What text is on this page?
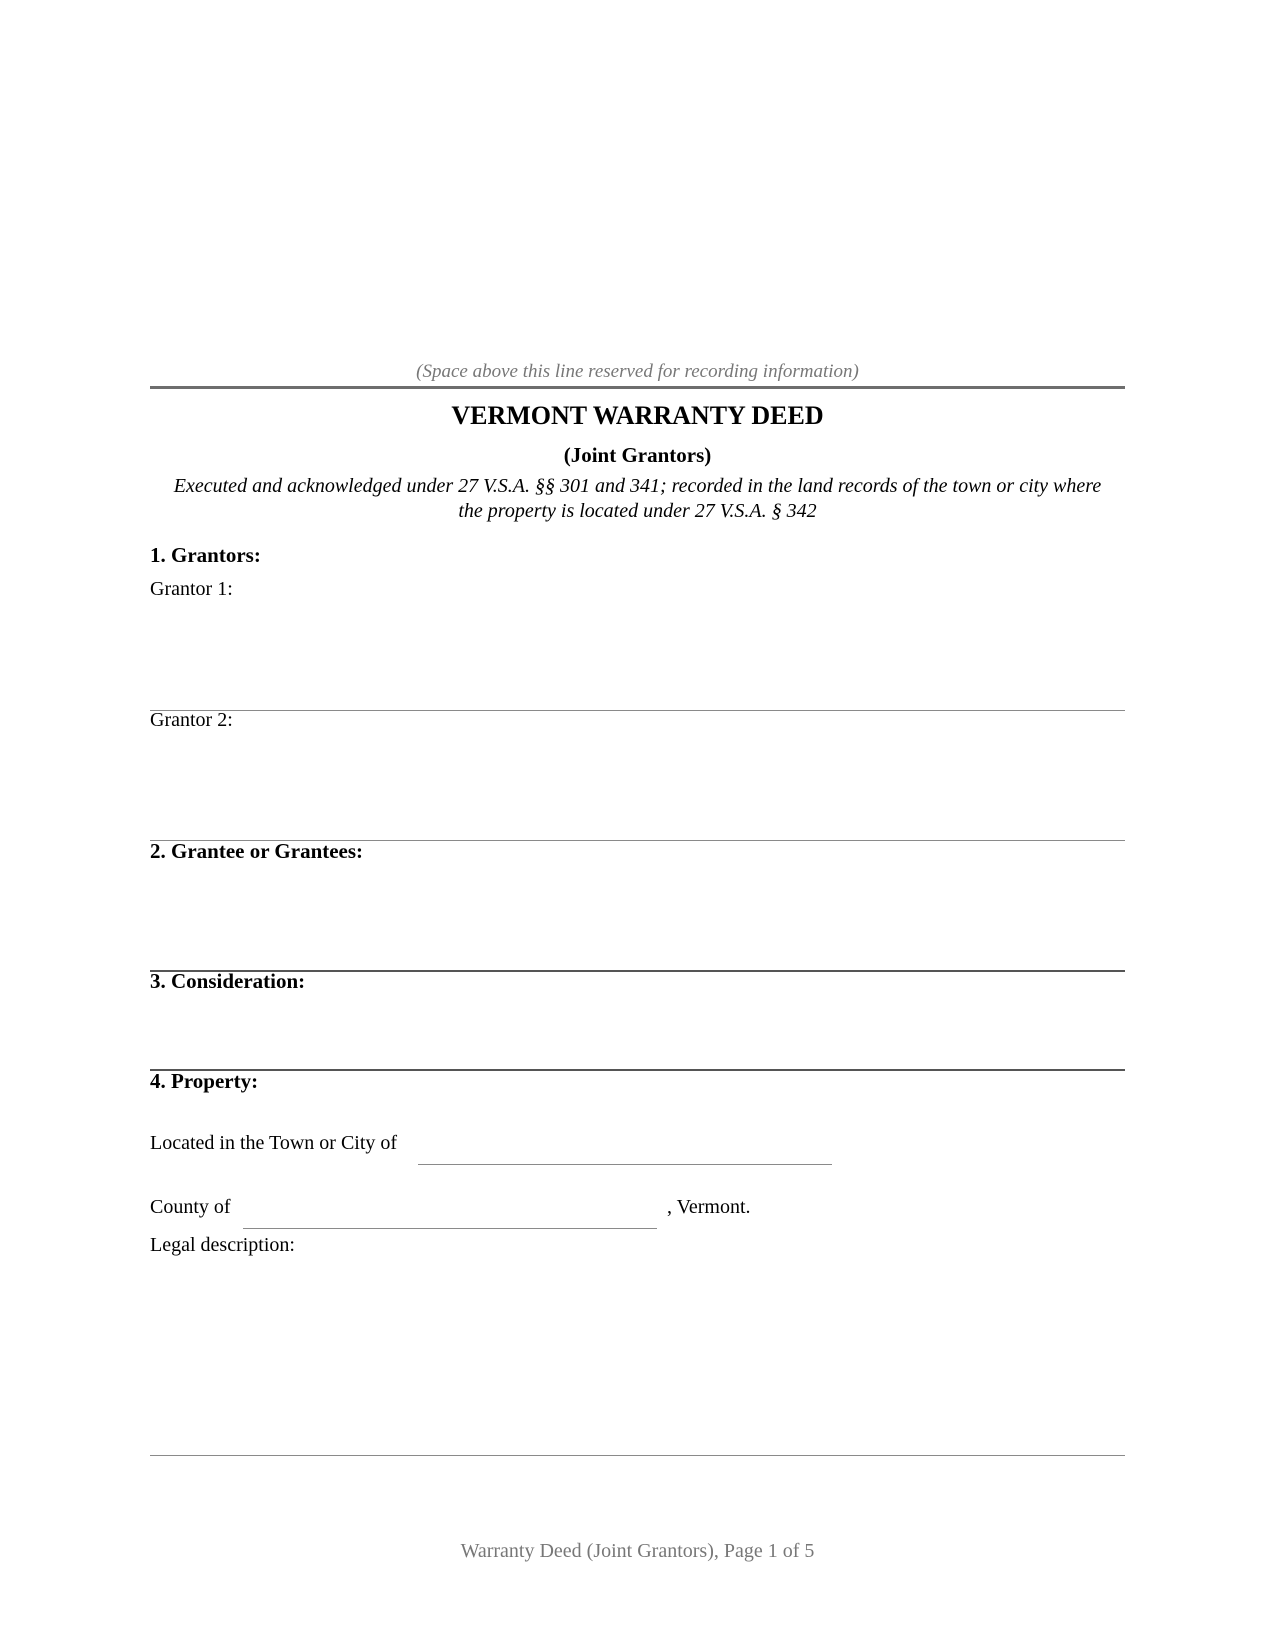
(Space above this line reserved for recording information)
VERMONT WARRANTY DEED
(Joint Grantors)
Executed and acknowledged under 27 V.S.A. §§ 301 and 341; recorded in the land records of the town or city where
the property is located under 27 V.S.A. § 342
1. Grantors:
Grantor 1:
Grantor 2:
2. Grantee or Grantees:
3. Consideration:
4. Property:
Located in the Town or City of
County of	, Vermont.
Legal description:
Warranty Deed (Joint Grantors), Page 1 of 5
